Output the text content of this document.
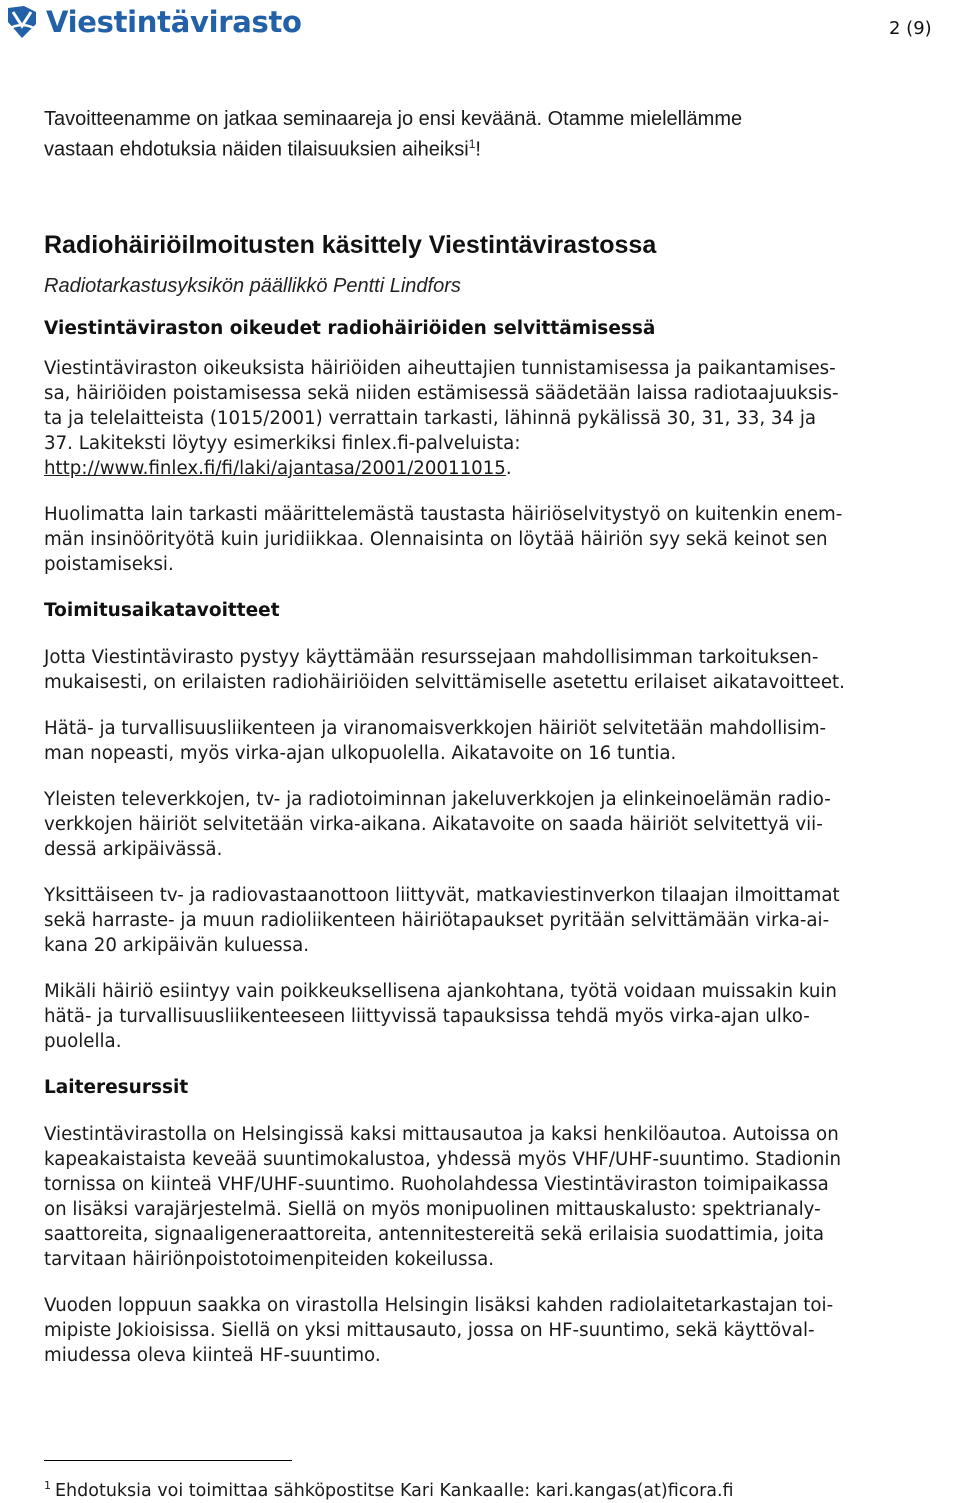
Viestintävirasto	2 (9)

Tavoitteenamme on jatkaa seminaareja jo ensi keväänä. Otamme mielellämme

vastaan ehdotuksia näiden tilaisuuksien aiheiksi$^1$!

Radiohäiriöilmoitusten käsittely Viestintävirastossa

Radiotarkastusyksikön päällikkö Pentti Lindfors

Viestintäviraston oikeudet radiohäiriöiden selvittämisessä

Viestintäviraston oikeuksista häiriöiden aiheuttajien tunnistamisessa ja paikantamises-

sa, häiriöiden poistamisessa sekä niiden estämisessä säädetään laissa radiotaajuuksis-

ta ja telelaitteista (1015/2001) verrattain tarkasti, lähinnä pykälissä 30, 31, 33, 34 ja

37. Lakiteksti löytyy esimerkiksi finlex.fi-palveluista:

http://www.finlex.fi/fi/laki/ajantasa/2001/20011015.

Huolimatta lain tarkasti määrittelemästä taustasta häiriöselvitystyö on kuitenkin enem-

män insinöörityötä kuin juridiikkaa. Olennaisinta on löytää häiriön syy sekä keinot sen

poistamiseksi.

Toimitusaikatavoitteet

Jotta Viestintävirasto pystyy käyttämään resurssejaan mahdollisimman tarkoituksen-

mukaisesti, on erilaisten radiohäiriöiden selvittämiselle asetettu erilaiset aikatavoitteet.

Hätä- ja turvallisuusliikenteen ja viranomaisverkkojen häiriöt selvitetään mahdollisim-

man nopeasti, myös virka-ajan ulkopuolella. Aikatavoite on 16 tuntia.

Yleisten televerkkojen, tv- ja radiotoiminnan jakeluverkkojen ja elinkeinoelämän radio-

verkkojen häiriöt selvitetään virka-aikana. Aikatavoite on saada häiriöt selvitettyä vii-

dessä arkipäivässä.

Yksittäiseen tv- ja radiovastaanottoon liittyvät, matkaviestinverkon tilaajan ilmoittamat

sekä harraste- ja muun radioliikenteen häiriötapaukset pyritään selvittämään virka-ai-

kana 20 arkipäivän kuluessa.

Mikäli häiriö esiintyy vain poikkeuksellisena ajankohtana, työtä voidaan muissakin kuin

hätä- ja turvallisuusliikenteeseen liittyvissä tapauksissa tehdä myös virka-ajan ulko-

puolella.

Laiteresurssit

Viestintävirastolla on Helsingissä kaksi mittausautoa ja kaksi henkilöautoa. Autoissa on

kapeakaistaista keveää suuntimokalustoa, yhdessä myös VHF/UHF-suuntimo. Stadionin

tornissa on kiinteä VHF/UHF-suuntimo. Ruoholahdessa Viestintäviraston toimipaikassa

on lisäksi varajärjestelmä. Siellä on myös monipuolinen mittauskalusto: spektrianaly-

saattoreita, signaaligeneraattoreita, antennitestereitä sekä erilaisia suodattimia, joita

tarvitaan häiriönpoistotoimenpiteiden kokeilussa.

Vuoden loppuun saakka on virastolla Helsingin lisäksi kahden radiolaitetarkastajan toi-

mipiste Jokioisissa. Siellä on yksi mittausauto, jossa on HF-suuntimo, sekä käyttöval-

miudessa oleva kiinteä HF-suuntimo.

$^1$ Ehdotuksia voi toimittaa sähköpostitse Kari Kankaalle: kari.kangas(at)ficora.fi
